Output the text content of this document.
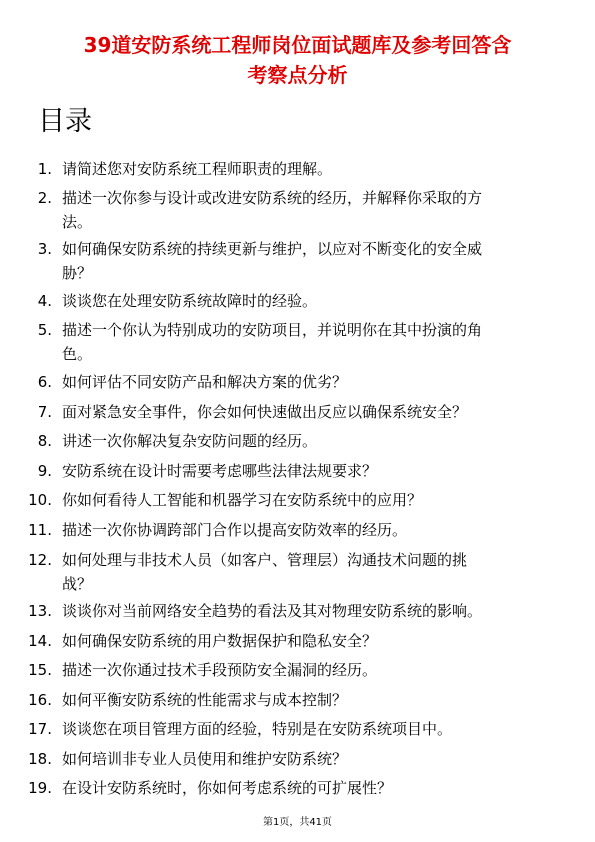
39道安防系统工程师岗位面试题库及参考回答含
考察点分析
目录
1. 请简述您对安防系统工程师职责的理解。
2. 描述一次你参与设计或改进安防系统的经历，并解释你采取的方
法。
3. 如何确保安防系统的持续更新与维护，以应对不断变化的安全威
胁？
4. 谈谈您在处理安防系统故障时的经验。
5. 描述一个你认为特别成功的安防项目，并说明你在其中扮演的角
色。
6. 如何评估不同安防产品和解决方案的优劣？
7. 面对紧急安全事件，你会如何快速做出反应以确保系统安全？
8. 讲述一次你解决复杂安防问题的经历。
9. 安防系统在设计时需要考虑哪些法律法规要求？
10. 你如何看待人工智能和机器学习在安防系统中的应用？
11. 描述一次你协调跨部门合作以提高安防效率的经历。
12. 如何处理与非技术人员（如客户、管理层）沟通技术问题的挑
战？
13. 谈谈你对当前网络安全趋势的看法及其对物理安防系统的影响。
14. 如何确保安防系统的用户数据保护和隐私安全？
15. 描述一次你通过技术手段预防安全漏洞的经历。
16. 如何平衡安防系统的性能需求与成本控制？
17. 谈谈您在项目管理方面的经验，特别是在安防系统项目中。
18. 如何培训非专业人员使用和维护安防系统？
19. 在设计安防系统时，你如何考虑系统的可扩展性？
第1页，共41页
